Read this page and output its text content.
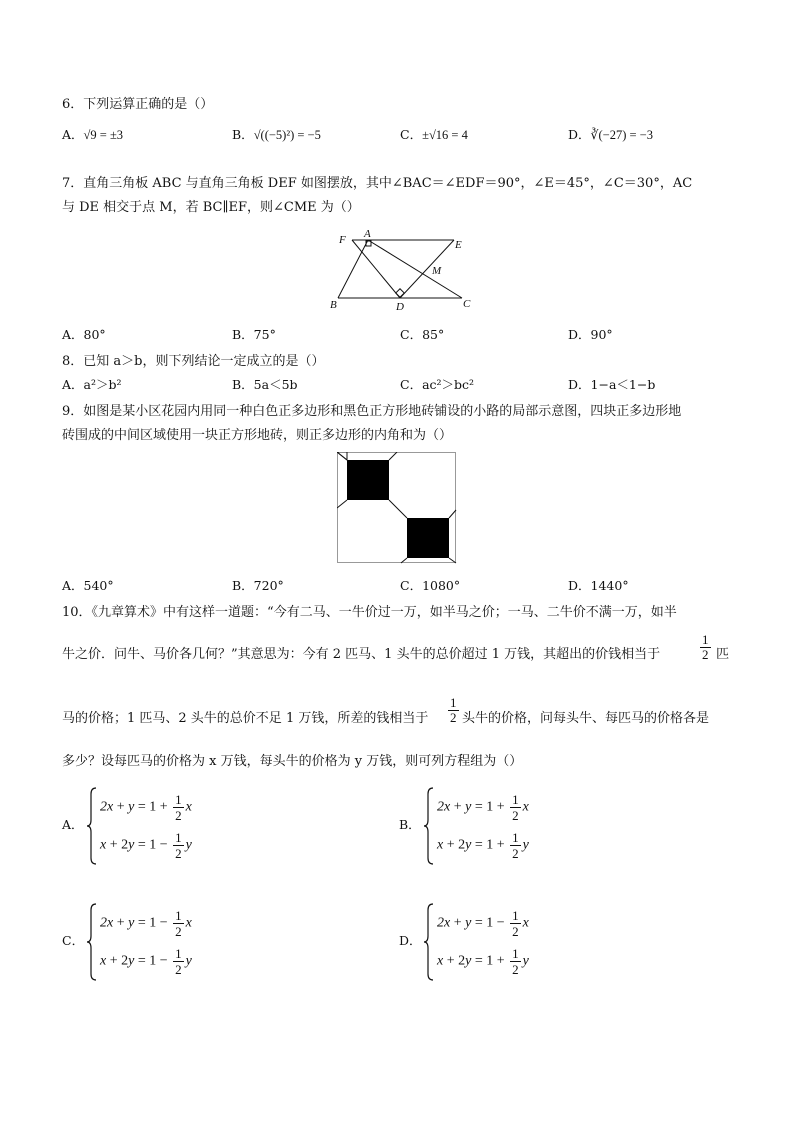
6．下列运算正确的是（）
A．√9 = ±3	B．√((−5)²) = −5	C．±√16 = 4	D．∛(−27) = −3
7．直角三角板 ABC 与直角三角板 DEF 如图摆放，其中∠BAC＝∠EDF＝90°，∠E＝45°，∠C＝30°，AC
与 DE 相交于点 M，若 BC∥EF，则∠CME 为（）
F A
E
M
B	D	C
A．80°	B．75°	C．85°	D．90°
8．已知 a＞b，则下列结论一定成立的是（）
A．a²＞b²	B．5a＜5b	C．ac²＞bc²	D．1−a＜1−b
9．如图是某小区花园内用同一种白色正多边形和黑色正方形地砖铺设的小路的局部示意图，四块正多边形地
砖围成的中间区域使用一块正方形地砖，则正多边形的内角和为（）
A．540°	B．720°	C．1080°	D．1440°
10．《九章算术》中有这样一道题：“今有二马、一牛价过一万，如半马之价；一马、二牛价不满一万，如半
牛之价．问牛、马价各几何？”其意思为：今有 2 匹马、1 头牛的总价超过 1 万钱，其超出的价钱相当于	$\frac{1}{2}$ 匹
马的价格；1 匹马、2 头牛的总价不足 1 万钱，所差的钱相当于 $\frac{1}{2}$ 头牛的价格，问每头牛、每匹马的价格各是
多少？设每匹马的价格为 x 万钱，每头牛的价格为 y 万钱，则可列方程组为（）
A．
$2x + y = 1 + \frac{1}{2}$ x
$x + 2y = 1 - \frac{1}{2}$ y
B．
$2x + y = 1 + \frac{1}{2}$ x
$x + 2y = 1 + \frac{1}{2}$ y
C．
$2x + y = 1 - \frac{1}{2}$ x
$x + 2y = 1 - \frac{1}{2}$ y
D．
$2x + y = 1 - \frac{1}{2}$ x
$x + 2y = 1 + \frac{1}{2}$ y
